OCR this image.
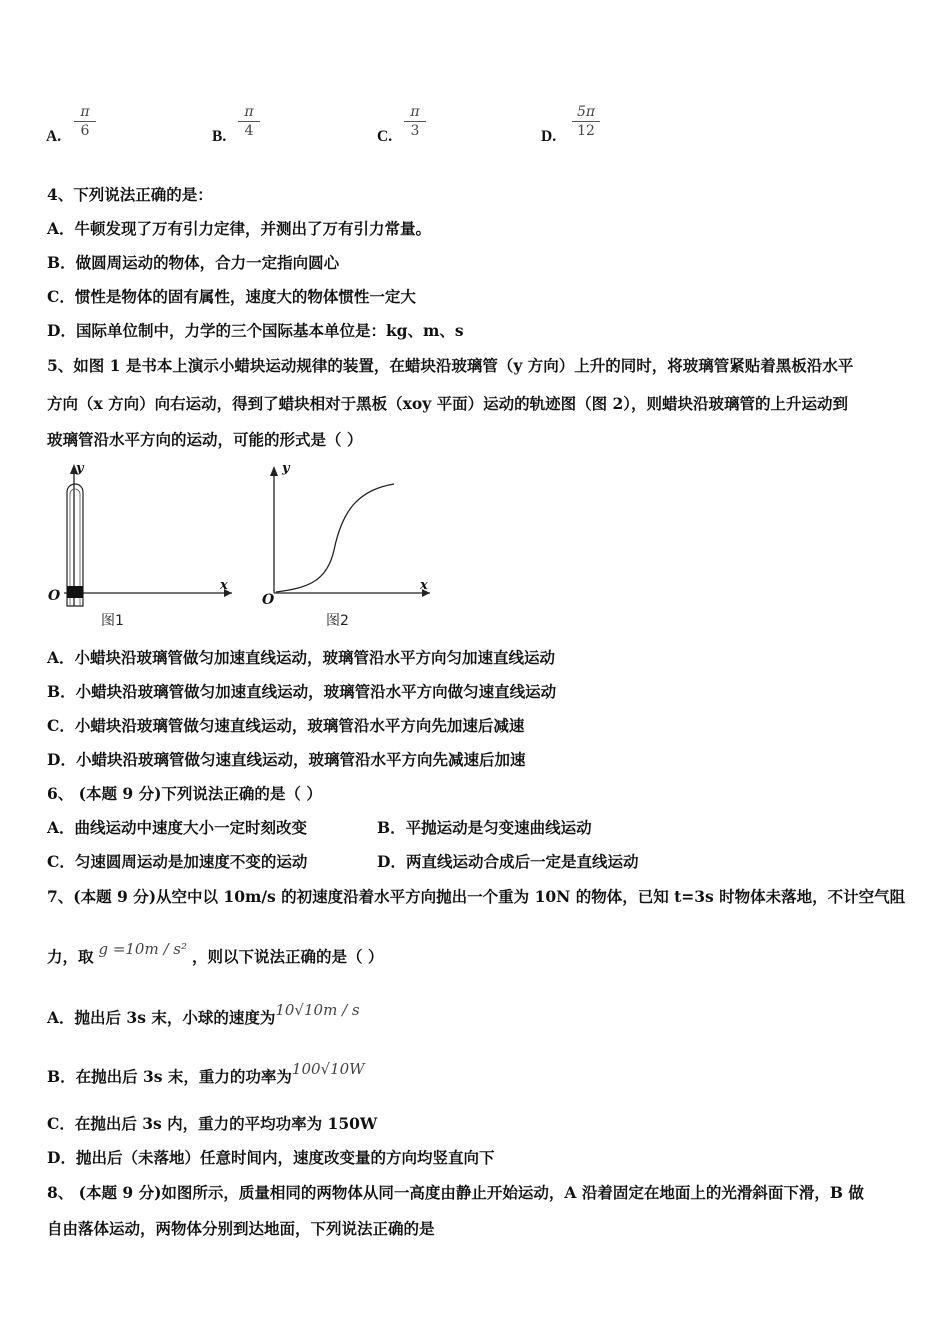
A.
π
6	B.
π
4	C.
π
3	D.
5π
12
4、下列说法正确的是：
A．牛顿发现了万有引力定律，并测出了万有引力常量。
B．做圆周运动的物体，合力一定指向圆心
C．惯性是物体的固有属性，速度大的物体惯性一定大
D．国际单位制中，力学的三个国际基本单位是：kg、m、s
5、如图 1 是书本上演示小蜡块运动规律的装置，在蜡块沿玻璃管（y 方向）上升的同时，将玻璃管紧贴着黑板沿水平
方向（x 方向）向右运动，得到了蜡块相对于黑板（xoy 平面）运动的轨迹图（图 2），则蜡块沿玻璃管的上升运动到
玻璃管沿水平方向的运动，可能的形式是（ ）
y
x
O
图1
y
x
O
图2
A．小蜡块沿玻璃管做匀加速直线运动，玻璃管沿水平方向匀加速直线运动
B．小蜡块沿玻璃管做匀加速直线运动，玻璃管沿水平方向做匀速直线运动
C．小蜡块沿玻璃管做匀速直线运动，玻璃管沿水平方向先加速后减速
D．小蜡块沿玻璃管做匀速直线运动，玻璃管沿水平方向先减速后加速
6、 (本题 9 分)下列说法正确的是（ ）
A．曲线运动中速度大小一定时刻改变	B．平抛运动是匀变速曲线运动
C．匀速圆周运动是加速度不变的运动	D．两直线运动合成后一定是直线运动
7、(本题 9 分)从空中以 10m/s 的初速度沿着水平方向抛出一个重为 10N 的物体，已知 t=3s 时物体未落地，不计空气阻
力，取 g =10m / s² ，则以下说法正确的是（ ）
A．抛出后 3s 末，小球的速度为10√10m / s
B．在抛出后 3s 末，重力的功率为100√10W
C．在抛出后 3s 内，重力的平均功率为 150W
D．抛出后（未落地）任意时间内，速度改变量的方向均竖直向下
8、 (本题 9 分)如图所示，质量相同的两物体从同一高度由静止开始运动，A 沿着固定在地面上的光滑斜面下滑，B 做
自由落体运动，两物体分别到达地面，下列说法正确的是
